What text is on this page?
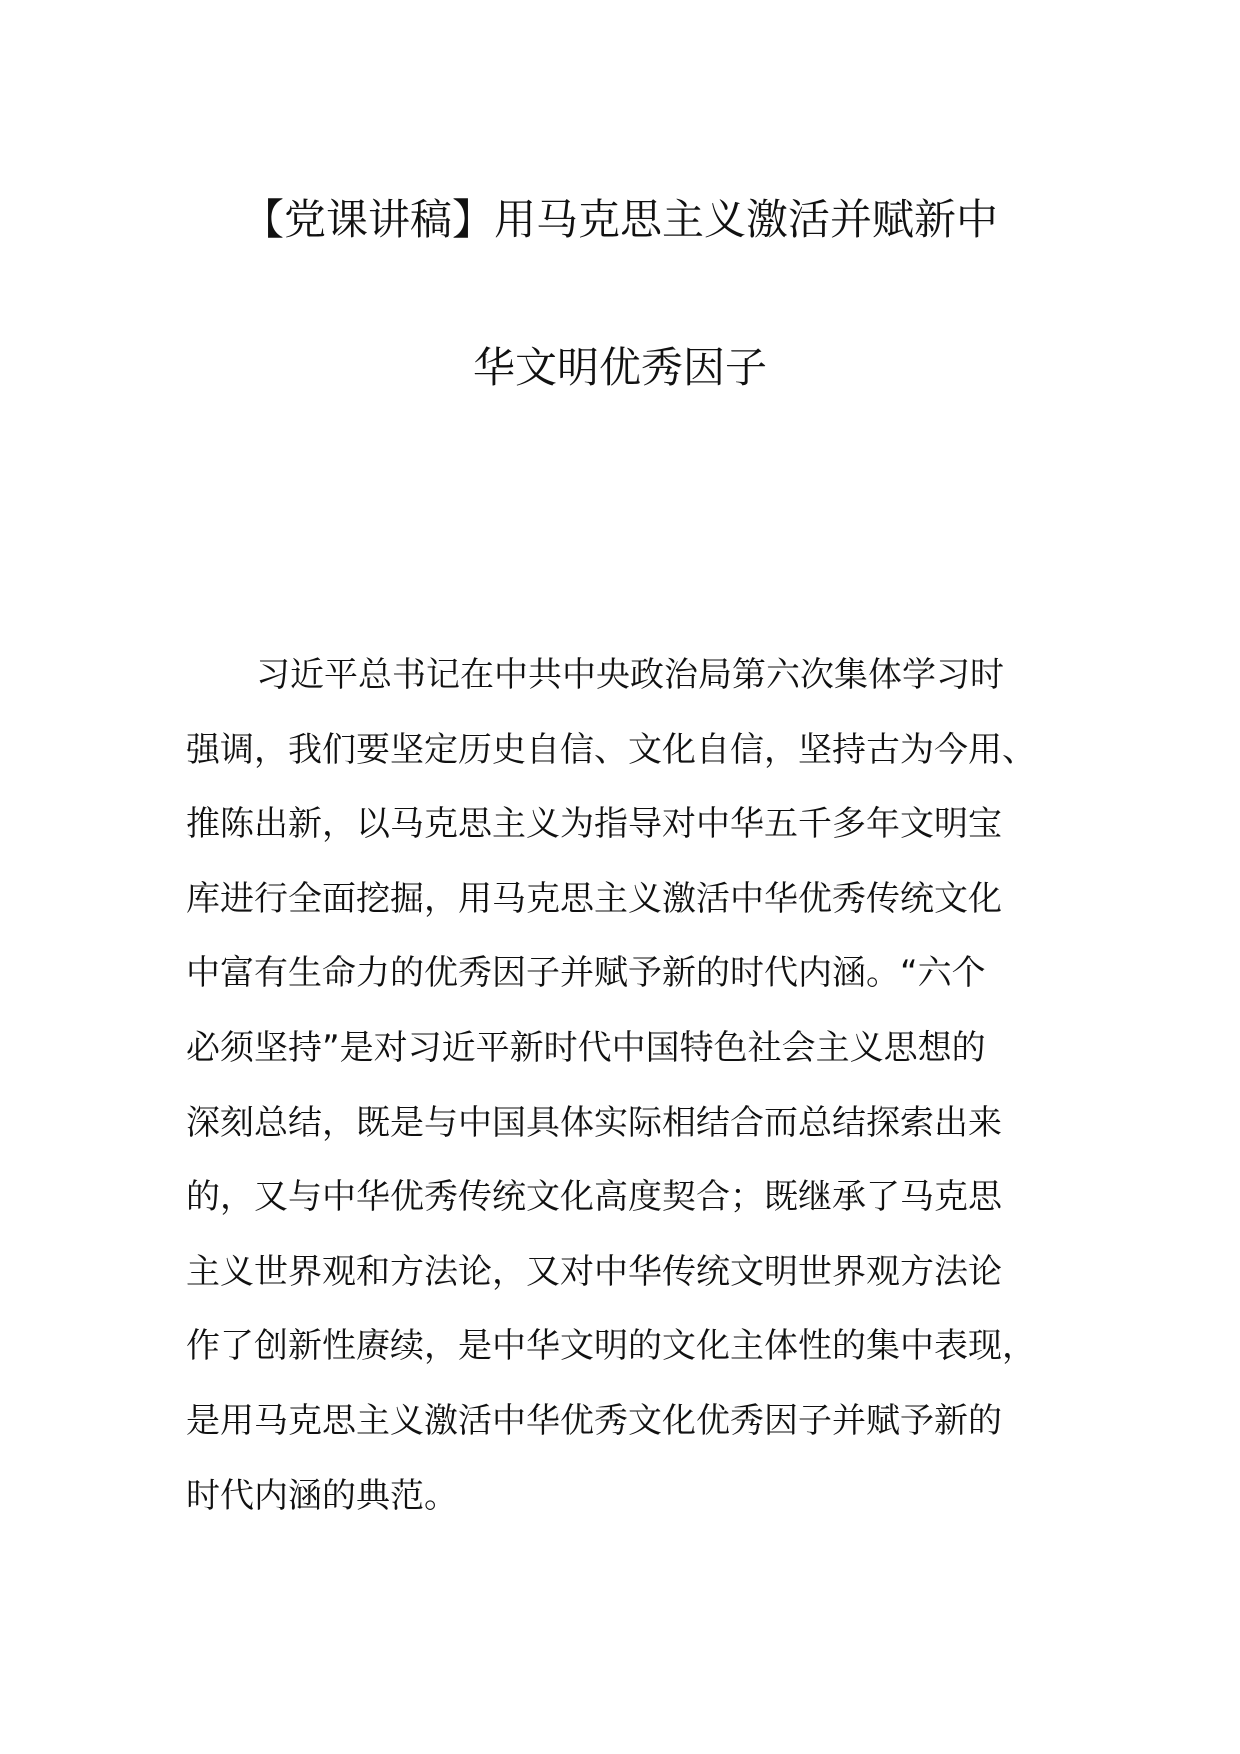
【党课讲稿】用马克思主义激活并赋新中
华文明优秀因子
习近平总书记在中共中央政治局第六次集体学习时
强调，我们要坚定历史自信、文化自信，坚持古为今用、
推陈出新，以马克思主义为指导对中华五千多年文明宝
库进行全面挖掘，用马克思主义激活中华优秀传统文化
中富有生命力的优秀因子并赋予新的时代内涵。“六个
必须坚持”是对习近平新时代中国特色社会主义思想的
深刻总结，既是与中国具体实际相结合而总结探索出来
的，又与中华优秀传统文化高度契合；既继承了马克思
主义世界观和方法论，又对中华传统文明世界观方法论
作了创新性赓续，是中华文明的文化主体性的集中表现，
是用马克思主义激活中华优秀文化优秀因子并赋予新的
时代内涵的典范。
